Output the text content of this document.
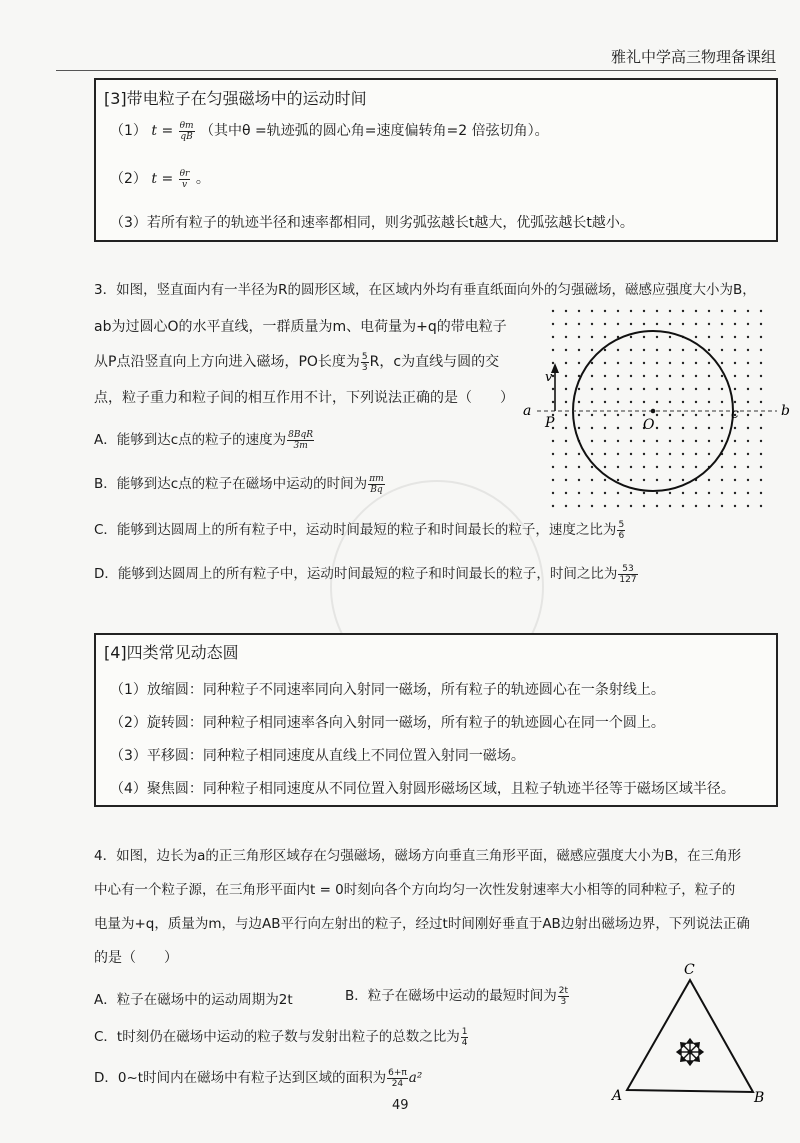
雅礼中学高三物理备课组
[3]带电粒子在匀强磁场中的运动时间
（1） $t = \frac{\theta m}{qB}$ （其中θ =轨迹弧的圆心角=速度偏转角=2 倍弦切角）。
（2） $t = \frac{\theta r}{v}$ 。
（3）若所有粒子的轨迹半径和速率都相同，则劣弧弦越长t越大，优弧弦越长t越小。
3．如图，竖直面内有一半径为R的圆形区域，在区域内外均有垂直纸面向外的匀强磁场，磁感应强度大小为B，
ab为过圆心O的水平直线，一群质量为m、电荷量为+q的带电粒子
从P点沿竖直向上方向进入磁场，PO长度为 $\frac{5}{3}$ R，c为直线与圆的交
点，粒子重力和粒子间的相互作用不计，下列说法正确的是（　　）
A．能够到达c点的粒子的速度为 $\frac{\text{8BqR}}{3m}$
B．能够到达c点的粒子在磁场中运动的时间为 $\frac{\pi m}{Bq}$
C．能够到达圆周上的所有粒子中，运动时间最短的粒子和时间最长的粒子，速度之比为 $\frac{5}{6}$
D．能够到达圆周上的所有粒子中，运动时间最短的粒子和时间最长的粒子，时间之比为 $\frac{53}{127}$
a	b
c
O
P
v
[4]四类常见动态圆
（1）放缩圆：同种粒子不同速率同向入射同一磁场，所有粒子的轨迹圆心在一条射线上。
（2）旋转圆：同种粒子相同速率各向入射同一磁场，所有粒子的轨迹圆心在同一个圆上。
（3）平移圆：同种粒子相同速度从直线上不同位置入射同一磁场。
（4）聚焦圆：同种粒子相同速度从不同位置入射圆形磁场区域，且粒子轨迹半径等于磁场区域半径。
4．如图，边长为a的正三角形区域存在匀强磁场，磁场方向垂直三角形平面，磁感应强度大小为B，在三角形
中心有一个粒子源，在三角形平面内t = 0时刻向各个方向均匀一次性发射速率大小相等的同种粒子，粒子的
电量为+q，质量为m，与边AB平行向左射出的粒子，经过t时间刚好垂直于AB边射出磁场边界，下列说法正确
的是（　　）
A．粒子在磁场中的运动周期为2t	B．粒子在磁场中运动的最短时间为 $\frac{2t}{3}$
C．t时刻仍在磁场中运动的粒子数与发射出粒子的总数之比为 $\frac{1}{4}$
D．0~t时间内在磁场中有粒子达到区域的面积为 $\frac{6+\pi}{24} a^2$
C
A	B
49
